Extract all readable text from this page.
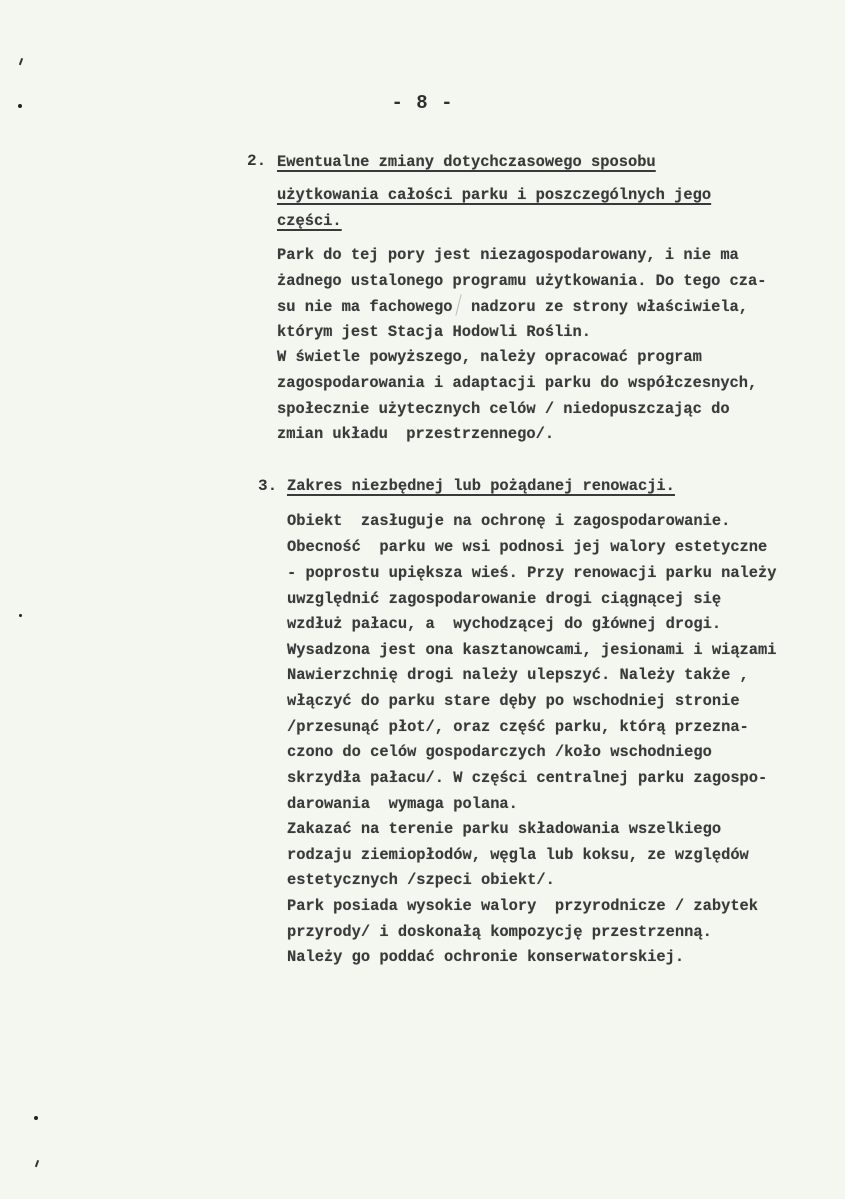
- 8 -
2. Ewentualne zmiany dotychczasowego sposobu
użytkowania całości parku i poszczególnych jego
części.
Park do tej pory jest niezagospodarowany, i nie ma
żadnego ustalonego programu użytkowania. Do tego cza-
su nie ma fachowego  nadzoru ze strony właściwiela,
którym jest Stacja Hodowli Roślin.
W świetle powyższego, należy opracować program
zagospodarowania i adaptacji parku do współczesnych,
społecznie użytecznych celów / niedopuszczając do
zmian układu  przestrzennego/.
3. Zakres niezbędnej lub pożądanej renowacji.
Obiekt  zasługuje na ochronę i zagospodarowanie.
Obecność  parku we wsi podnosi jej walory estetyczne
- poprostu upiększa wieś. Przy renowacji parku należy
uwzględnić zagospodarowanie drogi ciągnącej się
wzdłuż pałacu, a  wychodzącej do głównej drogi.
Wysadzona jest ona kasztanowcami, jesionami i wiązami
Nawierzchnię drogi należy ulepszyć. Należy także ,
włączyć do parku stare dęby po wschodniej stronie
/przesunąć płot/, oraz część parku, którą przezna-
czono do celów gospodarczych /koło wschodniego
skrzydła pałacu/. W części centralnej parku zagospo-
darowania  wymaga polana.
Zakazać na terenie parku składowania wszelkiego
rodzaju ziemiopłodów, węgla lub koksu, ze względów
estetycznych /szpeci obiekt/.
Park posiada wysokie walory  przyrodnicze / zabytek
przyrody/ i doskonałą kompozycję przestrzenną.
Należy go poddać ochronie konserwatorskiej.
